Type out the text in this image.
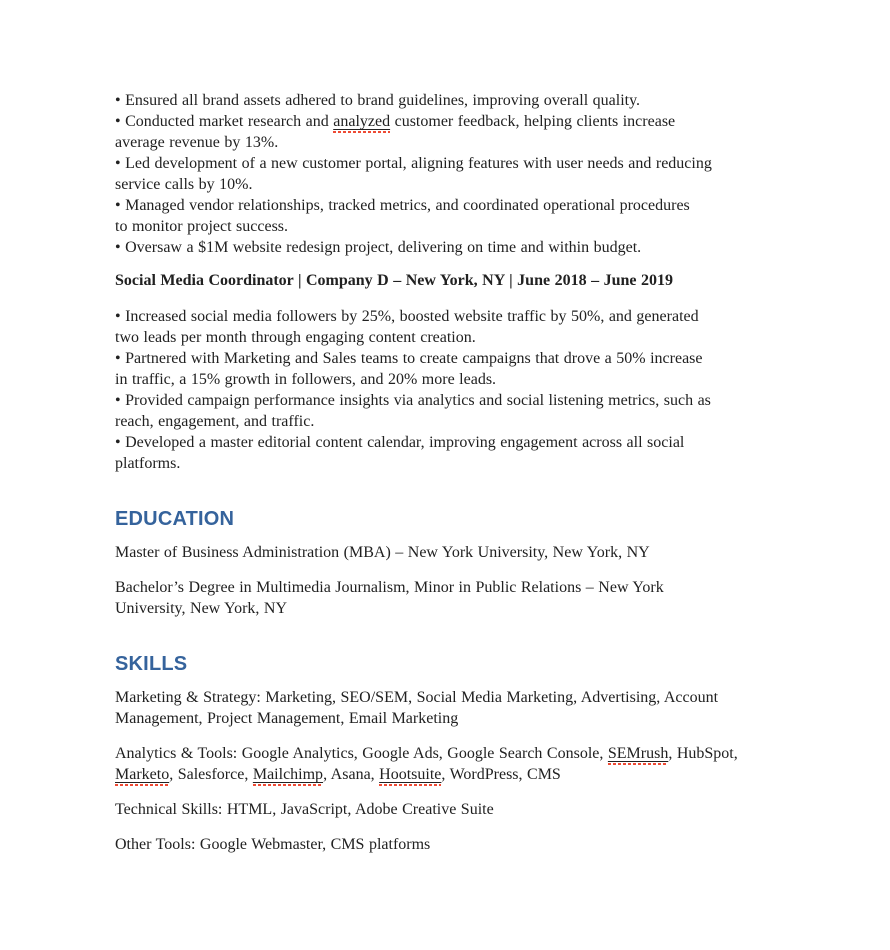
• Ensured all brand assets adhered to brand guidelines, improving overall quality.
• Conducted market research and analyzed customer feedback, helping clients increase
average revenue by 13%.
• Led development of a new customer portal, aligning features with user needs and reducing
service calls by 10%.
• Managed vendor relationships, tracked metrics, and coordinated operational procedures
to monitor project success.
• Oversaw a $1M website redesign project, delivering on time and within budget.

Social Media Coordinator | Company D – New York, NY | June 2018 – June 2019

• Increased social media followers by 25%, boosted website traffic by 50%, and generated
two leads per month through engaging content creation.
• Partnered with Marketing and Sales teams to create campaigns that drove a 50% increase
in traffic, a 15% growth in followers, and 20% more leads.
• Provided campaign performance insights via analytics and social listening metrics, such as
reach, engagement, and traffic.
• Developed a master editorial content calendar, improving engagement across all social
platforms.
EDUCATION
Master of Business Administration (MBA) – New York University, New York, NY
Bachelor’s Degree in Multimedia Journalism, Minor in Public Relations – New York
University, New York, NY
SKILLS
Marketing & Strategy: Marketing, SEO/SEM, Social Media Marketing, Advertising, Account
Management, Project Management, Email Marketing
Analytics & Tools: Google Analytics, Google Ads, Google Search Console, SEMrush, HubSpot,
Marketo, Salesforce, Mailchimp, Asana, Hootsuite, WordPress, CMS
Technical Skills: HTML, JavaScript, Adobe Creative Suite
Other Tools: Google Webmaster, CMS platforms
